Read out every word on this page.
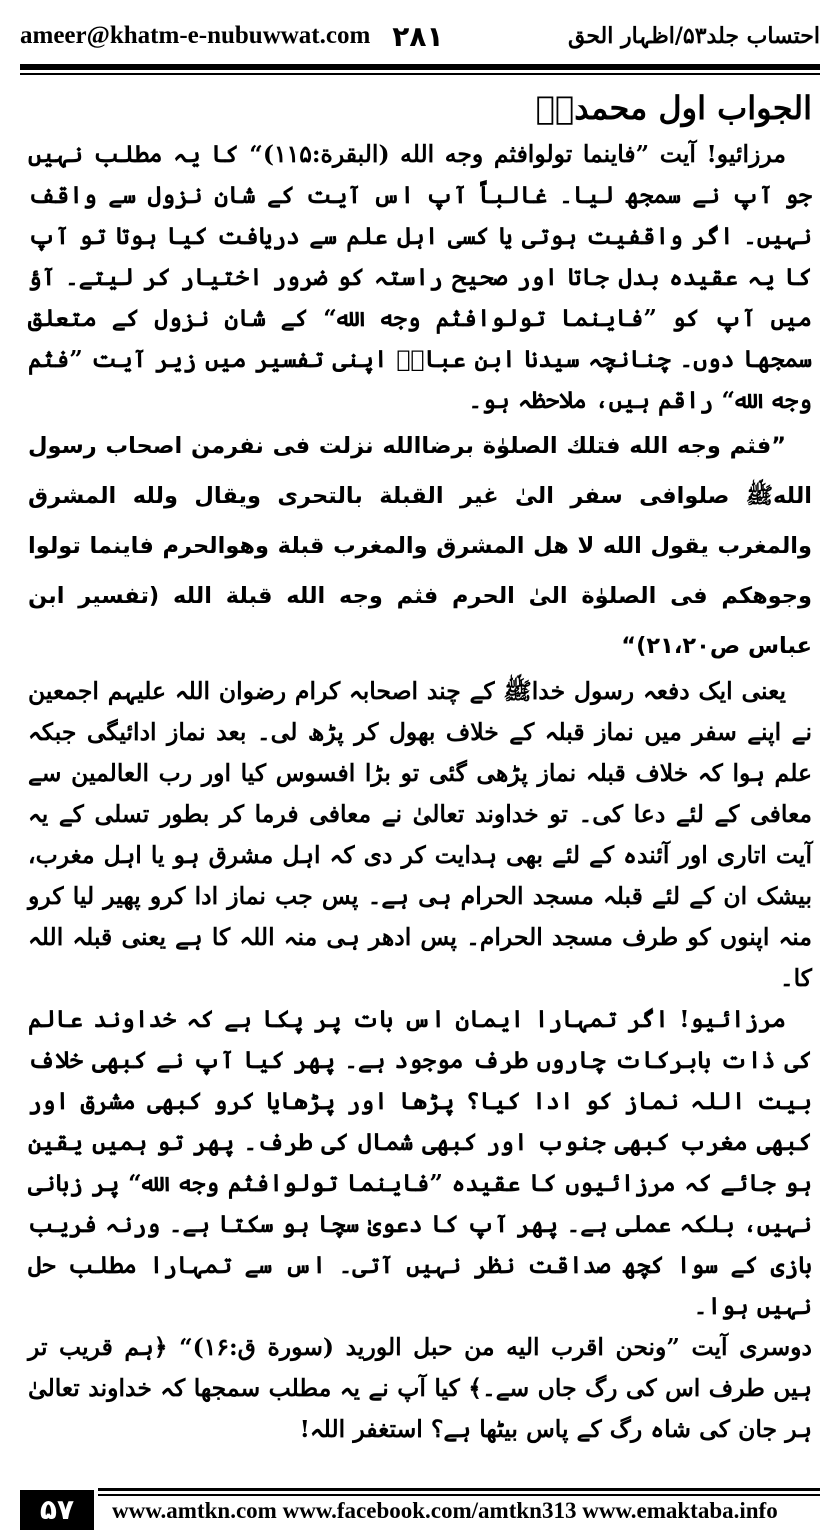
ameer@khatm-e-nubuwwat.com ۲۸۱	احتساب جلد۵۳/اظہار الحق

الجواب اول محمدیؐ

مرزائیو! آیت ”فاینما تولوافثم وجه الله (البقرة:۱۱۵)“ کا یہ مطلب نہیں جو آپ نے سمجھ لیا۔ غالباً آپ اس آیت کے شان نزول سے واقف نہیں۔ اگر واقفیت ہوتی یا کسی اہل علم سے دریافت کیا ہوتا تو آپ کا یہ عقیدہ بدل جاتا اور صحیح راستہ کو ضرور اختیار کر لیتے۔ آؤ میں آپ کو ”فاینما تولوافثم وجه الله“ کے شان نزول کے متعلق سمجھا دوں۔ چنانچہ سیدنا ابن عباسؓ اپنی تفسیر میں زیر آیت ”فثم وجه الله“ راقم ہیں، ملاحظہ ہو۔

”فثم وجه الله فتلك الصلوٰة برضاالله نزلت فی نفرمن اصحاب رسول اللهﷺ صلوافی سفر الیٰ غیر القبلة بالتحری ویقال ولله المشرق والمغرب یقول الله لا هل المشرق والمغرب قبلة وهوالحرم فاینما تولوا وجوهكم فی الصلوٰة الیٰ الحرم فثم وجه الله قبلة الله (تفسیر ابن عباس ص۲۱،۲۰)“

یعنی ایک دفعہ رسول خداﷺ کے چند اصحابہ کرام رضوان اللہ علیہم اجمعین نے اپنے سفر میں نماز قبلہ کے خلاف بھول کر پڑھ لی۔ بعد نماز ادائیگی جبکہ علم ہوا کہ خلاف قبلہ نماز پڑھی گئی تو بڑا افسوس کیا اور رب العالمین سے معافی کے لئے دعا کی۔ تو خداوند تعالیٰ نے معافی فرما کر بطور تسلی کے یہ آیت اتاری اور آئندہ کے لئے بھی ہدایت کر دی کہ اہل مشرق ہو یا اہل مغرب، بیشک ان کے لئے قبلہ مسجد الحرام ہی ہے۔ پس جب نماز ادا کرو پھیر لیا کرو منہ اپنوں کو طرف مسجد الحرام۔ پس ادھر ہی منہ اللہ کا ہے یعنی قبلہ اللہ کا۔

مرزائیو! اگر تمہارا ایمان اس بات پر پکا ہے کہ خداوند عالم کی ذات بابرکات چاروں طرف موجود ہے۔ پھر کیا آپ نے کبھی خلاف بیت اللہ نماز کو ادا کیا؟ پڑھا اور پڑھایا کرو کبھی مشرق اور کبھی مغرب کبھی جنوب اور کبھی شمال کی طرف۔ پھر تو ہمیں یقین ہو جائے کہ مرزائیوں کا عقیدہ ”فاینما تولوافثم وجه الله“ پر زبانی نہیں، بلکہ عملی ہے۔ پھر آپ کا دعویٰ سچا ہو سکتا ہے۔ ورنہ فریب بازی کے سوا کچھ صداقت نظر نہیں آتی۔ اس سے تمہارا مطلب حل نہیں ہوا۔

دوسری آیت ”ونحن اقرب الیه من حبل الورید (سورة ق:۱۶)“ ﴿ہم قریب تر ہیں طرف اس کی رگ جاں سے۔﴾ کیا آپ نے یہ مطلب سمجھا کہ خداوند تعالیٰ ہر جان کی شاہ رگ کے پاس بیٹھا ہے؟ استغفر اللہ!

۵۷	www.amtkn.com www.facebook.com/amtkn313 www.emaktaba.info
